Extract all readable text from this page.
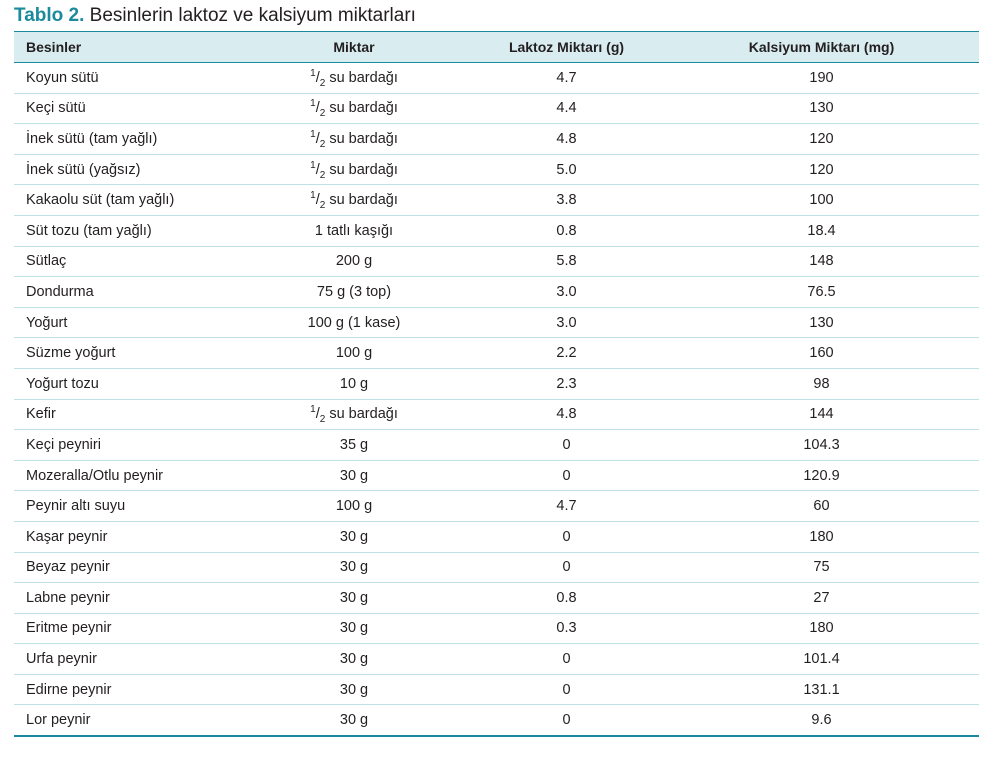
Tablo 2. Besinlerin laktoz ve kalsiyum miktarları
Besinler	Miktar	Laktoz Miktarı (g)	Kalsiyum Miktarı (mg)
Koyun sütü	$^1/_2$ su bardağı	4.7	190
Keçi sütü	$^1/_2$ su bardağı	4.4	130
İnek sütü (tam yağlı)	$^1/_2$ su bardağı	4.8	120
İnek sütü (yağsız)	$^1/_2$ su bardağı	5.0	120
Kakaolu süt (tam yağlı)	$^1/_2$ su bardağı	3.8	100
Süt tozu (tam yağlı)	1 tatlı kaşığı	0.8	18.4
Sütlaç	200 g	5.8	148
Dondurma	75 g (3 top)	3.0	76.5
Yoğurt	100 g (1 kase)	3.0	130
Süzme yoğurt	100 g	2.2	160
Yoğurt tozu	10 g	2.3	98
Kefir	$^1/_2$ su bardağı	4.8	144
Keçi peyniri	35 g	0	104.3
Mozeralla/Otlu peynir	30 g	0	120.9
Peynir altı suyu	100 g	4.7	60
Kaşar peynir	30 g	0	180
Beyaz peynir	30 g	0	75
Labne peynir	30 g	0.8	27
Eritme peynir	30 g	0.3	180
Urfa peynir	30 g	0	101.4
Edirne peynir	30 g	0	131.1
Lor peynir	30 g	0	9.6
